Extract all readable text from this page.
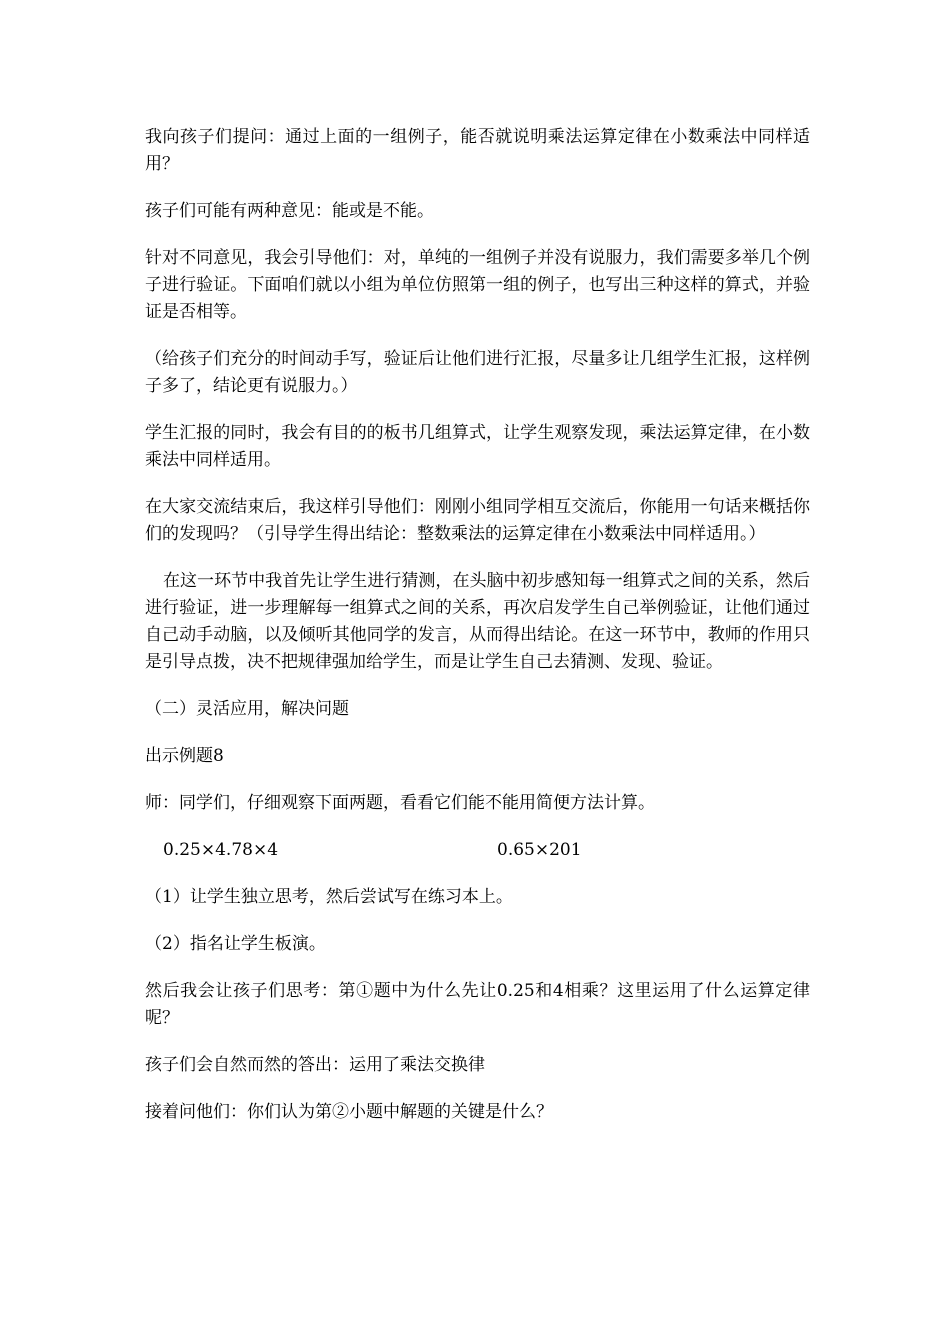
我向孩子们提问：通过上面的一组例子，能否就说明乘法运算定律在小数乘法中同样适用？

孩子们可能有两种意见：能或是不能。

针对不同意见，我会引导他们：对，单纯的一组例子并没有说服力，我们需要多举几个例子进行验证。下面咱们就以小组为单位仿照第一组的例子，也写出三种这样的算式，并验证是否相等。

（给孩子们充分的时间动手写，验证后让他们进行汇报，尽量多让几组学生汇报，这样例子多了，结论更有说服力。）

学生汇报的同时，我会有目的的板书几组算式，让学生观察发现，乘法运算定律，在小数乘法中同样适用。

在大家交流结束后，我这样引导他们：刚刚小组同学相互交流后，你能用一句话来概括你们的发现吗？（引导学生得出结论：整数乘法的运算定律在小数乘法中同样适用。）

在这一环节中我首先让学生进行猜测，在头脑中初步感知每一组算式之间的关系，然后进行验证，进一步理解每一组算式之间的关系，再次启发学生自己举例验证，让他们通过自己动手动脑，以及倾听其他同学的发言，从而得出结论。在这一环节中，教师的作用只是引导点拨，决不把规律强加给学生，而是让学生自己去猜测、发现、验证。

（二）灵活应用，解决问题

出示例题8

师：同学们，仔细观察下面两题，看看它们能不能用简便方法计算。

0.25×4.78×4	0.65×201

（1）让学生独立思考，然后尝试写在练习本上。

（2）指名让学生板演。

然后我会让孩子们思考：第①题中为什么先让0.25和4相乘？这里运用了什么运算定律呢？

孩子们会自然而然的答出：运用了乘法交换律

接着问他们：你们认为第②小题中解题的关键是什么？
